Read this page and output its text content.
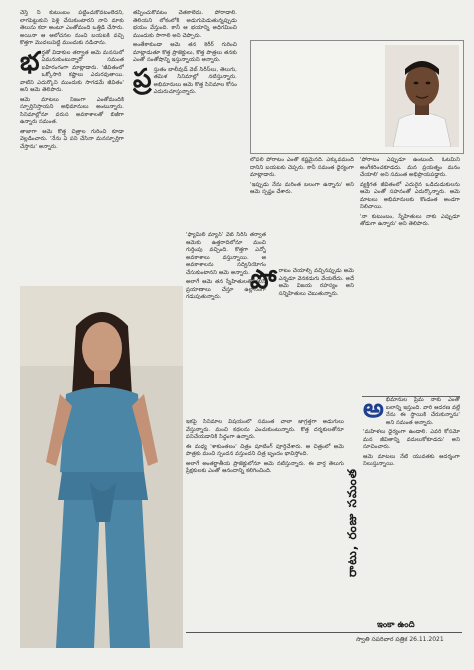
చేస్తే నీ కుటుంబం పట్టించుకోవటంలేదని, లాగపెట్టుకుని పెళ్లి చేసుకుంటారని నాని మాకు తెలుసు కదా అంటూ ఎంతోమంది ఒత్తిడి చేసారు. అయినా ఆ ఆలోచనల నుంచి బయటకి వచ్చి కొత్తగా మొదలుపెట్టి ముందుకు నడిచాను.

భ ర్తతో విడాకుల తర్వాత ఆమె మనసులో ఏమనుకుంటున్నారో సమంత బహిరంగంగా మాట్లాడారు. 'జీవితంలో ఒక్కోసారి కష్టాలు ఎదురవుతాయి. వాటిని ఎదుర్కొని ముందుకు సాగడమే జీవితం' అని ఆమె తెలిపారు.

ఆమె మాటలు నిజంగా ఎంతోమందికి స్ఫూర్తినిస్తాయని అభిమానులు అంటున్నారు. సినిమాల్లోనూ వరుస అవకాశాలతో బిజీగా ఉన్నారు సమంత.

తాజాగా ఆమె కొత్త చిత్రాల గురించి కూడా వెల్లడించారు. 'నేను ఏ పని చేసినా మనస్ఫూర్తిగా చేస్తాను' అన్నారు.

తప్పించుకోవటం చేతకాలేదు. పోరాడాలి. తెలియని లోకంలోకి అడుగుపెడుతున్నప్పుడు భయం వేస్తుంది. కానీ ఆ భయాన్ని అధిగమించి ముందుకు సాగాలి అని చెప్పారు.

అంతేకాకుండా ఆమె తన కెరీర్ గురించి మాట్లాడుతూ కొత్త ప్రాజెక్టులు, కొత్త పాత్రలు తనకు ఎంతో సంతోషాన్ని ఇస్తున్నాయని అన్నారు.

ప్ర స్తుతం బాలీవుడ్ వెబ్ సిరీస్‌లు, తెలుగు, తమిళ సినిమాల్లో నటిస్తున్నారు. అభిమానులు ఆమె కొత్త సినిమాల కోసం ఎదురుచూస్తున్నారు.

'ఫ్యామిలీ మ్యాన్' వెబ్ సిరీస్ తర్వాత ఆమెకు ఉత్తరాదిలోనూ మంచి గుర్తింపు వచ్చింది. కొత్తగా ఎన్నో అవకాశాలు వస్తున్నాయి. ఆ అవకాశాలను సద్వినియోగం చేసుకుంటానని ఆమె అన్నారు.

అలాగే ఆమె తన స్నేహితులతో కలిసి ప్రయాణాలు చేస్తూ ఉల్లాసంగా గడుపుతున్నారు.

లోపలి పోరాటం ఎంతో కష్టమైనది. ఎక్కువమంది దానిని బయటకు చెప్పరు. కానీ సమంత ధైర్యంగా మాట్లాడారు.

'ఇప్పుడు నేను మరింత బలంగా ఉన్నాను' అని ఆమె స్పష్టం చేశారు.

పో రాటం చేయాల్సి వచ్చినప్పుడు ఆమె ఎన్నడూ వెనకడుగు వేయలేదు. అదే ఆమె విజయ రహస్యం అని సన్నిహితులు చెబుతున్నారు.

'పోరాటం ఎప్పుడూ ఉంటుంది. ఓటమిని అంగీకరించకూడదు. మన ప్రయత్నం మనం చేయాలి' అని సమంత అభిప్రాయపడ్డారు.

వ్యక్తిగత జీవితంలో ఎదురైన ఒడిదుడుకులను ఆమె ఎంతో సహనంతో ఎదుర్కొన్నారు. ఆమె మాటలు అభిమానులకు కొండంత అండగా నిలిచాయి.

'నా కుటుంబం, స్నేహితులు నాకు ఎప్పుడూ తోడుగా ఉన్నారు' అని తెలిపారు.

రాటు, రంజు సమంత

ఇకపై సినిమాల విషయంలో సమంత చాలా జాగ్రత్తగా అడుగులు వేస్తున్నారు. మంచి కథలను ఎంచుకుంటున్నారు. కొత్త దర్శకులతోనూ పనిచేయడానికి సిద్ధంగా ఉన్నారు.

ఈ మధ్య 'శాకుంతలం' చిత్రం షూటింగ్ పూర్తిచేశారు. ఆ చిత్రంలో ఆమె పాత్రకు మంచి స్పందన వస్తుందని చిత్ర బృందం భావిస్తోంది.

అలాగే అంతర్జాతీయ ప్రాజెక్టులోనూ ఆమె నటిస్తున్నారు. ఈ వార్త తెలుగు ప్రేక్షకులకు ఎంతో ఆనందాన్ని కలిగించింది.

అ భిమానుల ప్రేమ నాకు ఎంతో బలాన్ని ఇస్తుంది. వారి ఆదరణ వల్లే నేను ఈ స్థాయికి చేరుకున్నాను' అని సమంత అన్నారు.

'మహిళలు ధైర్యంగా ఉండాలి. ఎవరి కోసమో మన జీవితాన్ని వదులుకోకూడదు' అని సూచించారు.

ఆమె మాటలు నేటి యువతకు ఆదర్శంగా నిలుస్తున్నాయి.

ఇంకా ఉంది
స్వాతి సపరివార పత్రిక 26.11.2021
